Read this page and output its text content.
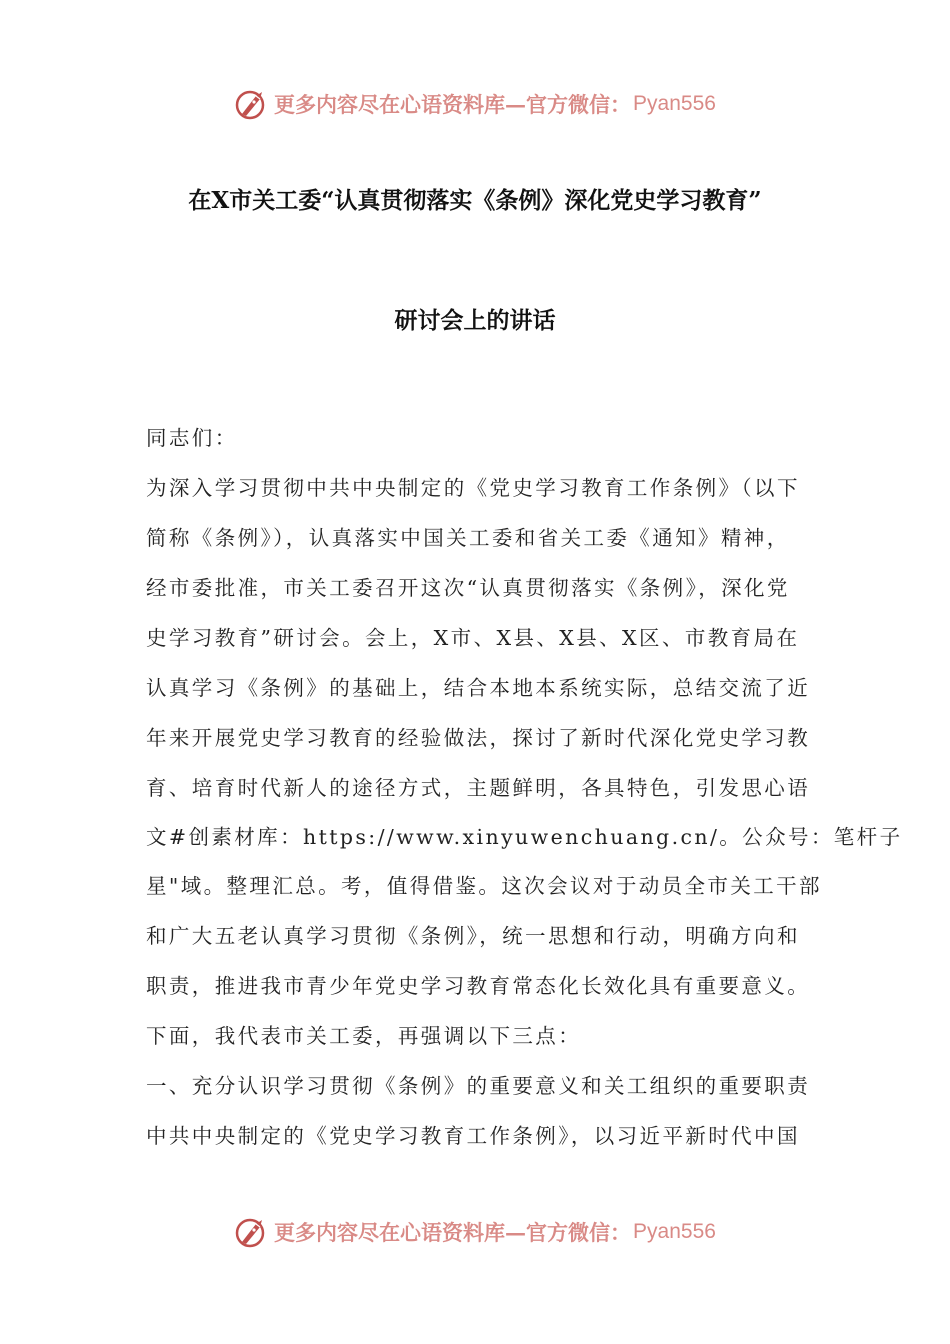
更多内容尽在心语资料库—官方微信： Pyan556
在X市关工委“认真贯彻落实《条例》深化党史学习教育”
研讨会上的讲话
同志们：
为深入学习贯彻中共中央制定的《党史学习教育工作条例》（以下
简称《条例》），认真落实中国关工委和省关工委《通知》精神，
经市委批准，市关工委召开这次“认真贯彻落实《条例》，深化党
史学习教育”研讨会。会上，X市、X县、X县、X区、市教育局在
认真学习《条例》的基础上，结合本地本系统实际，总结交流了近
年来开展党史学习教育的经验做法，探讨了新时代深化党史学习教
育、培育时代新人的途径方式，主题鲜明，各具特色，引发思心语
文#创素材库：https://www.xinyuwenchuang.cn/。公众号：笔杆子
星"域。整理汇总。考，值得借鉴。这次会议对于动员全市关工干部
和广大五老认真学习贯彻《条例》，统一思想和行动，明确方向和
职责，推进我市青少年党史学习教育常态化长效化具有重要意义。
下面，我代表市关工委，再强调以下三点：
一、充分认识学习贯彻《条例》的重要意义和关工组织的重要职责
中共中央制定的《党史学习教育工作条例》，以习近平新时代中国
更多内容尽在心语资料库—官方微信： Pyan556
